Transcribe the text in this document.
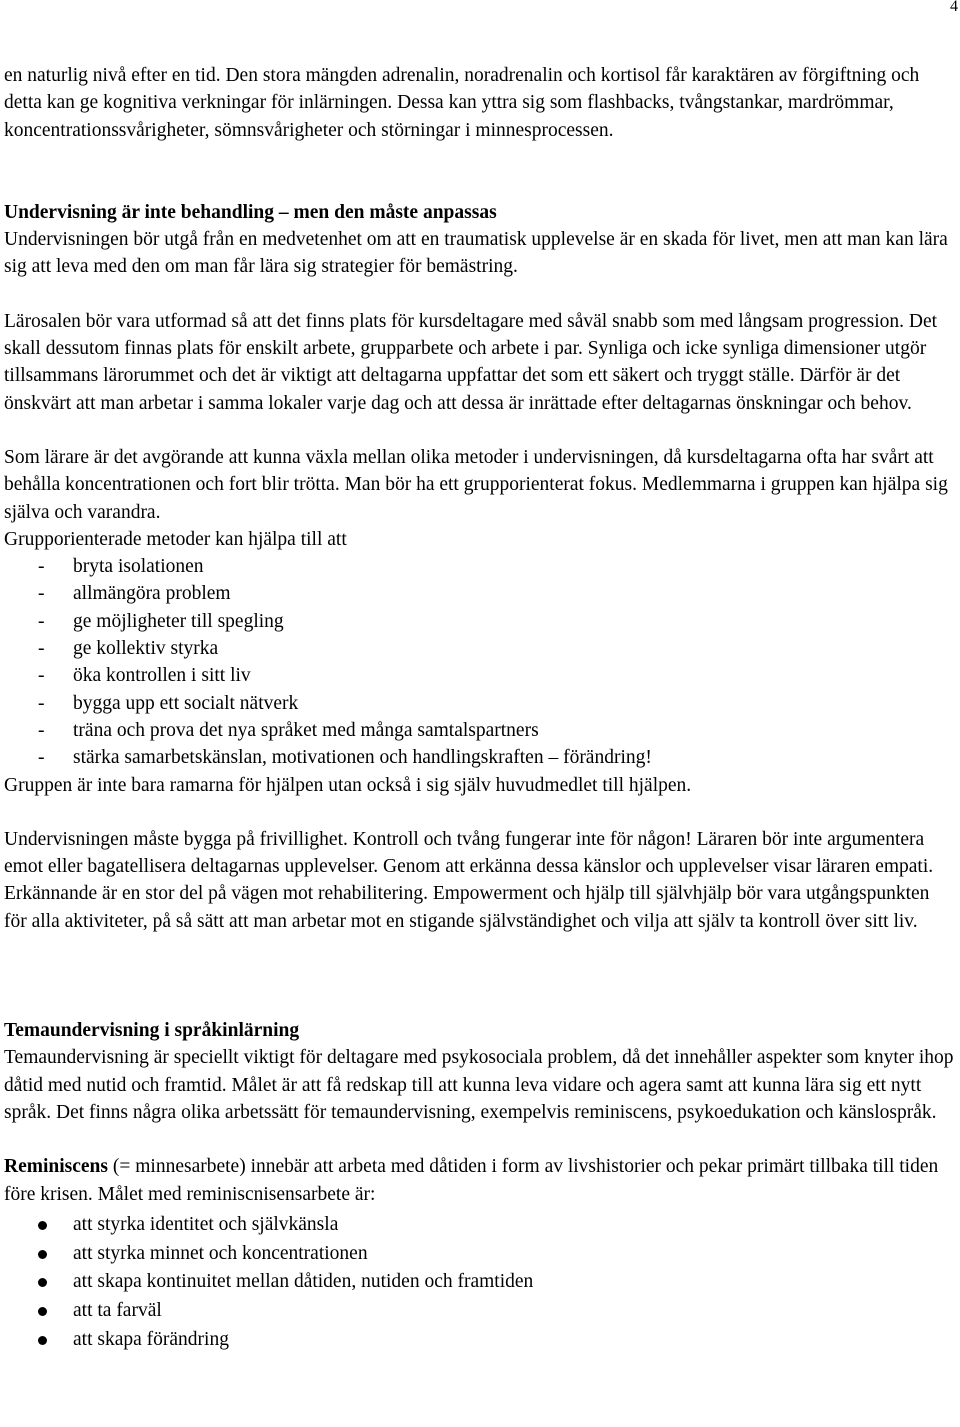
4

en naturlig nivå efter en tid. Den stora mängden adrenalin, noradrenalin och kortisol får karaktären av förgiftning och detta kan ge kognitiva verkningar för inlärningen. Dessa kan yttra sig som flashbacks, tvångstankar, mardrömmar, koncentrationssvårigheter, sömnsvårigheter och störningar i minnesprocessen.

Undervisning är inte behandling – men den måste anpassas

Undervisningen bör utgå från en medvetenhet om att en traumatisk upplevelse är en skada för livet, men att man kan lära sig att leva med den om man får lära sig strategier för bemästring.

Lärosalen bör vara utformad så att det finns plats för kursdeltagare med såväl snabb som med långsam progression. Det skall dessutom finnas plats för enskilt arbete, grupparbete och arbete i par. Synliga och icke synliga dimensioner utgör tillsammans lärorummet och det är viktigt att deltagarna uppfattar det som ett säkert och tryggt ställe. Därför är det önskvärt att man arbetar i samma lokaler varje dag och att dessa är inrättade efter deltagarnas önskningar och behov.

Som lärare är det avgörande att kunna växla mellan olika metoder i undervisningen, då kursdeltagarna ofta har svårt att behålla koncentrationen och fort blir trötta. Man bör ha ett grupporienterat fokus. Medlemmarna i gruppen kan hjälpa sig själva och varandra.

Grupporienterade metoder kan hjälpa till att

- bryta isolationen
- allmängöra problem
- ge möjligheter till spegling
- ge kollektiv styrka
- öka kontrollen i sitt liv
- bygga upp ett socialt nätverk
- träna och prova det nya språket med många samtalspartners
- stärka samarbetskänslan, motivationen och handlingskraften – förändring!

Gruppen är inte bara ramarna för hjälpen utan också i sig själv huvudmedlet till hjälpen.

Undervisningen måste bygga på frivillighet. Kontroll och tvång fungerar inte för någon! Läraren bör inte argumentera emot eller bagatellisera deltagarnas upplevelser. Genom att erkänna dessa känslor och upplevelser visar läraren empati. Erkännande är en stor del på vägen mot rehabilitering. Empowerment och hjälp till självhjälp bör vara utgångspunkten för alla aktiviteter, på så sätt att man arbetar mot en stigande självständighet och vilja att själv ta kontroll över sitt liv.

Temaundervisning i språkinlärning

Temaundervisning är speciellt viktigt för deltagare med psykosociala problem, då det innehåller aspekter som knyter ihop dåtid med nutid och framtid. Målet är att få redskap till att kunna leva vidare och agera samt att kunna lära sig ett nytt språk. Det finns några olika arbetssätt för temaundervisning, exempelvis reminiscens, psykoedukation och känslospråk.

Reminiscens (= minnesarbete) innebär att arbeta med dåtiden i form av livshistorier och pekar primärt tillbaka till tiden före krisen. Målet med reminiscnisensarbete är:

att styrka identitet och självkänsla
att styrka minnet och koncentrationen
att skapa kontinuitet mellan dåtiden, nutiden och framtiden
att ta farväl
att skapa förändring
